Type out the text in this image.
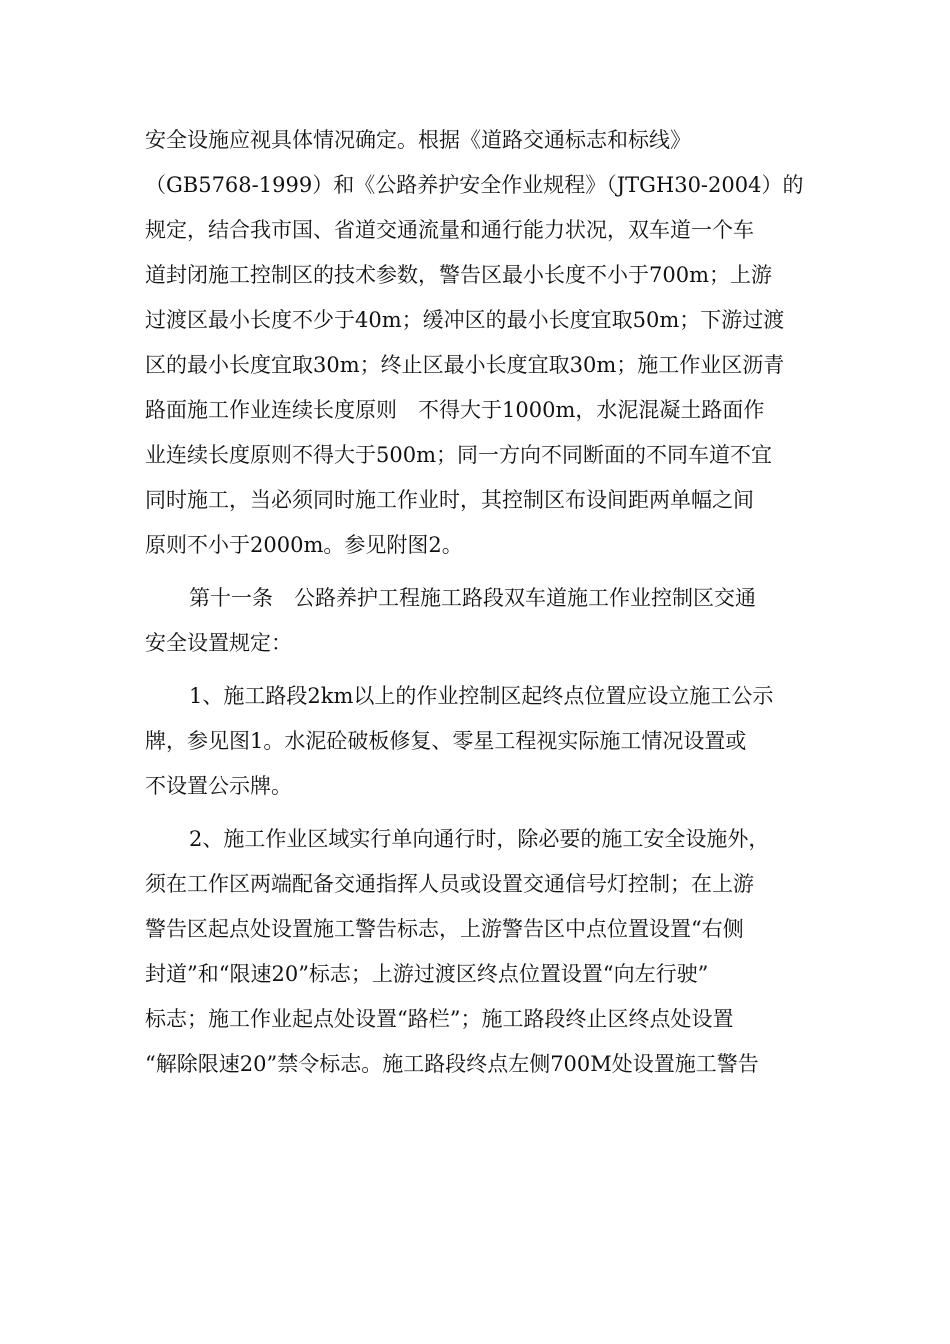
安全设施应视具体情况确定。根据《道路交通标志和标线》
（GB5768-1999）和《公路养护安全作业规程》（JTGH30-2004）的
规定，结合我市国、省道交通流量和通行能力状况，双车道一个车
道封闭施工控制区的技术参数，警告区最小长度不小于700m；上游
过渡区最小长度不少于40m；缓冲区的最小长度宜取50m；下游过渡
区的最小长度宜取30m；终止区最小长度宜取30m；施工作业区沥青
路面施工作业连续长度原则　不得大于1000m，水泥混凝土路面作
业连续长度原则不得大于500m；同一方向不同断面的不同车道不宜
同时施工，当必须同时施工作业时，其控制区布设间距两单幅之间
原则不小于2000m。参见附图2。
第十一条　公路养护工程施工路段双车道施工作业控制区交通
安全设置规定：
1、施工路段2km以上的作业控制区起终点位置应设立施工公示
牌，参见图1。水泥砼破板修复、零星工程视实际施工情况设置或
不设置公示牌。
2、施工作业区域实行单向通行时，除必要的施工安全设施外，
须在工作区两端配备交通指挥人员或设置交通信号灯控制；在上游
警告区起点处设置施工警告标志，上游警告区中点位置设置“右侧
封道”和“限速20”标志；上游过渡区终点位置设置“向左行驶”
标志；施工作业起点处设置“路栏”；施工路段终止区终点处设置
“解除限速20”禁令标志。施工路段终点左侧700M处设置施工警告
